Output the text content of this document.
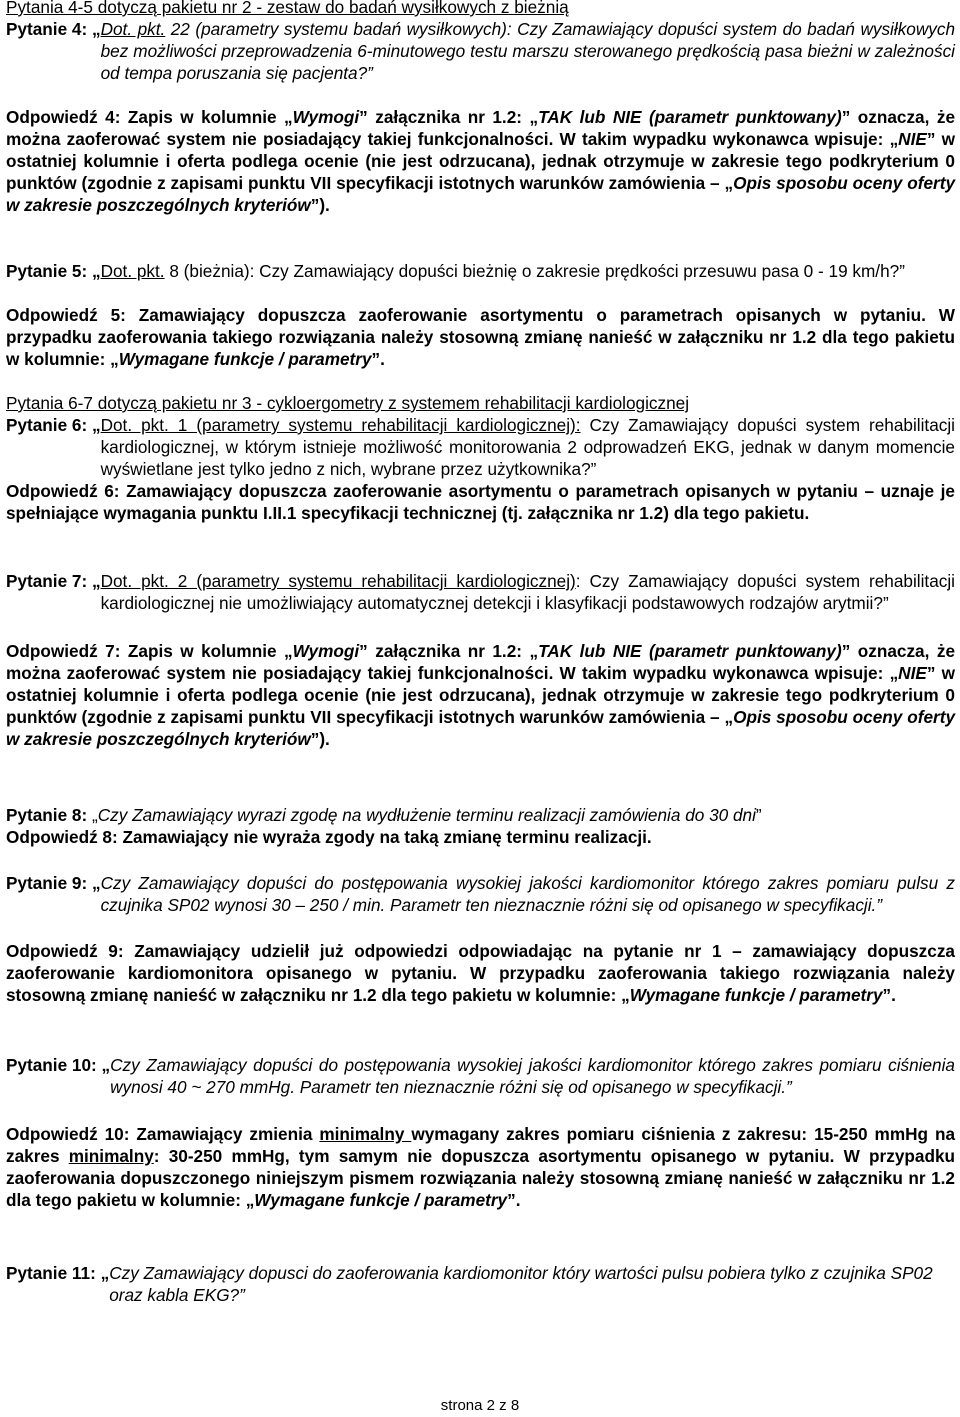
Pytania 4-5 dotyczą pakietu nr 2 - zestaw do badań wysiłkowych z bieżnią
Pytanie 4: „ Dot. pkt. 22 (parametry systemu badań wysiłkowych): Czy Zamawiający dopuści system do badań wysiłkowych bez możliwości przeprowadzenia 6-minutowego testu marszu sterowanego prędkością pasa bieżni w zależności od tempa poruszania się pacjenta?”
Odpowiedź 4: Zapis w kolumnie „Wymogi” załącznika nr 1.2: „TAK lub NIE (parametr punktowany)” oznacza, że można zaoferować system nie posiadający takiej funkcjonalności. W takim wypadku wykonawca wpisuje: „NIE” w ostatniej kolumnie i oferta podlega ocenie (nie jest odrzucana), jednak otrzymuje w zakresie tego podkryterium 0 punktów (zgodnie z zapisami punktu VII specyfikacji istotnych warunków zamówienia – „Opis sposobu oceny oferty w zakresie poszczególnych kryteriów”).
Pytanie 5: „ Dot. pkt. 8 (bieżnia): Czy Zamawiający dopuści bieżnię o zakresie prędkości przesuwu pasa 0 - 19 km/h?”
Odpowiedź 5: Zamawiający dopuszcza zaoferowanie asortymentu o parametrach opisanych w pytaniu. W przypadku zaoferowania takiego rozwiązania należy stosowną zmianę nanieść w załączniku nr 1.2 dla tego pakietu w kolumnie: „Wymagane funkcje / parametry”.
Pytania 6-7 dotyczą pakietu nr 3 - cykloergometry z systemem rehabilitacji kardiologicznej
Pytanie 6: „ Dot. pkt. 1 (parametry systemu rehabilitacji kardiologicznej): Czy Zamawiający dopuści system rehabilitacji kardiologicznej, w którym istnieje możliwość monitorowania 2 odprowadzeń EKG, jednak w danym momencie wyświetlane jest tylko jedno z nich, wybrane przez użytkownika?”
Odpowiedź 6: Zamawiający dopuszcza zaoferowanie asortymentu o parametrach opisanych w pytaniu – uznaje je spełniające wymagania punktu I.II.1 specyfikacji technicznej (tj. załącznika nr 1.2) dla tego pakietu.
Pytanie 7: „ Dot. pkt. 2 (parametry systemu rehabilitacji kardiologicznej): Czy Zamawiający dopuści system rehabilitacji kardiologicznej nie umożliwiający automatycznej detekcji i klasyfikacji podstawowych rodzajów arytmii?”
Odpowiedź 7: Zapis w kolumnie „Wymogi” załącznika nr 1.2: „TAK lub NIE (parametr punktowany)” oznacza, że można zaoferować system nie posiadający takiej funkcjonalności. W takim wypadku wykonawca wpisuje: „NIE” w ostatniej kolumnie i oferta podlega ocenie (nie jest odrzucana), jednak otrzymuje w zakresie tego podkryterium 0 punktów (zgodnie z zapisami punktu VII specyfikacji istotnych warunków zamówienia – „Opis sposobu oceny oferty w zakresie poszczególnych kryteriów”).
Pytanie 8: „Czy Zamawiający wyrazi zgodę na wydłużenie terminu realizacji zamówienia do 30 dni”
Odpowiedź 8: Zamawiający nie wyraża zgody na taką zmianę terminu realizacji.
Pytanie 9: „ Czy Zamawiający dopuści do postępowania wysokiej jakości kardiomonitor którego zakres pomiaru pulsu z czujnika SP02 wynosi 30 – 250 / min. Parametr ten nieznacznie różni się od opisanego w specyfikacji.”
Odpowiedź 9: Zamawiający udzielił już odpowiedzi odpowiadając na pytanie nr 1 – zamawiający dopuszcza zaoferowanie kardiomonitora opisanego w pytaniu. W przypadku zaoferowania takiego rozwiązania należy stosowną zmianę nanieść w załączniku nr 1.2 dla tego pakietu w kolumnie: „Wymagane funkcje / parametry”.
Pytanie 10: „ Czy Zamawiający dopuści do postępowania wysokiej jakości kardiomonitor którego zakres pomiaru ciśnienia wynosi 40 ~ 270 mmHg. Parametr ten nieznacznie różni się od opisanego w specyfikacji.”
Odpowiedź 10: Zamawiający zmienia minimalny wymagany zakres pomiaru ciśnienia z zakresu: 15-250 mmHg na zakres minimalny: 30-250 mmHg, tym samym nie dopuszcza asortymentu opisanego w pytaniu. W przypadku zaoferowania dopuszczonego niniejszym pismem rozwiązania należy stosowną zmianę nanieść w załączniku nr 1.2 dla tego pakietu w kolumnie: „Wymagane funkcje / parametry”.
Pytanie 11: „ Czy Zamawiający dopusci do zaoferowania kardiomonitor który wartości pulsu pobiera tylko z czujnika SP02 oraz kabla EKG?”
strona 2 z 8
